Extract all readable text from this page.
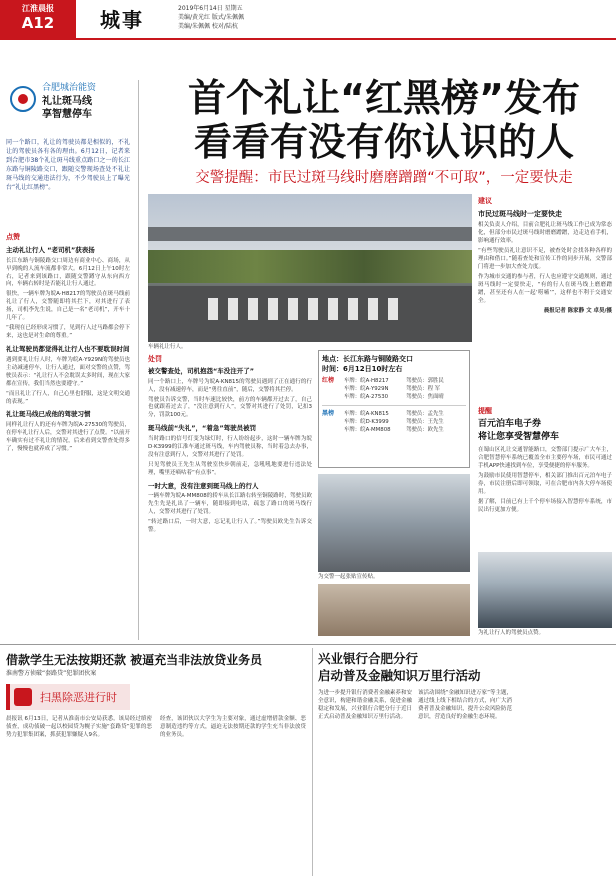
江淮晨报
A12	城事	2019年6月14日 星期五
美编/黄光红 版式/朱佩佩
美编/朱佩佩 校对/陆杭
合肥城治能资
礼让斑马线
享智慧停车
同一个路口，礼让的驾驶员都是相似的，不礼让的驾驶员各有各的理由。6月12日，记者来到合肥市38个礼让斑马线重点路口之一的长江东路与铜陵路交口，跟随交警现场查处不礼让斑马线的交通违法行为，不少驾驶员上了曝光台“礼让红黑榜”。
点赞
主动礼让行人 “老司机”获表扬

长江东路与铜陵路交口周边有商业中心、商场，从早到晚的人流车流都非常大。6月12日上午10时左右，记者来到该路口，跟随交警蹲守从东向西方向，车辆右转时是否能礼让行人通过。

很快，一辆车牌为皖A·H8217的驾驶员在斑马线前礼让了行人，交警随即将其拦下，对其进行了表扬，司机李先生说，自己是一名“老司机”，开车十几年了。

“我现在已经形成习惯了，见到行人过马路都会停下来，这也是对生命的尊重。”

礼让驾驶员都觉得礼让行人也不要耽误时间

遇到要礼让行人时，车牌为皖A·Y929N的驾驶员也主动减速停车，让行人通过，面对交警的点赞，驾驶员表示：“礼让行人不会耽误太多时间，现在大家都在宣传，我们当然也要遵守。”

“而且礼让了行人，自己心里也舒服，这是文明交通的表现。”

礼让斑马线已成他的驾驶习惯

同样礼让行人的还有车牌为皖A·27530的驾驶员，在停车礼让行人后，交警对其进行了点赞。“以前开车确实有过不礼让的情况，后来看到交警查处得多了，慢慢也就养成了习惯。”

首个礼让“红黑榜”发布
看看有没有你认识的人
交警提醒：市民过斑马线时磨磨蹭蹭“不可取”，一定要快走
车辆礼让行人。
处罚
被交警查处，司机抱怨“车没注开了”

同一个路口上，车牌号为皖A·KN815的驾驶员遇到了正在通行的行人，没有减速停车，而是“勇往直前”，随后，交警将其拦停。

驾驶员告诉交警，当时车速比较快，前方的车辆都开过去了，自己也就跟着过去了，“没注意到行人”，交警对其进行了处罚，记扣3分，罚款100元。

斑马线前“失礼”，“着急”驾驶员被罚

当时路口的信号灯变为绿灯时，行人纷纷起步，这时一辆车牌为皖D·K3999的江淮车通过斑马线，车内驾驶员称，当时着急去办事，没有注意到行人，交警对其进行了处罚。

只见驾驶员王先生从驾驶室快步朝前走，急吼吼地要进行违法处理，嘴里还嘀咕着“有点事”。

一时大意，没有注意到斑马线上的行人

一辆车牌为皖A·MM808的轿车从长江路右转至铜陵路时，驾驶员欧先生先是扎出了一辆车，随即接到电话，疏忽了路口的斑马线行人，交警对其进行了处罚。

“转过路口后，一时大意，忘记礼让行人了。”驾驶员欧先生告诉交警。

地点：长江东路与铜陵路交口
时间：6月12日10时左右
红榜	车牌：皖A·H8217	驾驶员：郭胜民
车牌：皖A·Y929N	驾驶员：程 军
车牌：皖A·27530	驾驶员：焦面晴
黑榜	车牌：皖A·KN815	驾驶员：孟先生
车牌：皖D·K3999	驾驶员：王先生
车牌：皖A·MM808	驾驶员：欧先生
为交警一起张贴宣传贴。
建议
市民过斑马线时一定要快走

相关负责人介绍，目前合肥礼让斑马线工作已成为常态化，但部分市民过斑马线时磨磨蹭蹭，边走边看手机，影响通行效率。

“有些驾驶员礼让意识不足，被查处时会找各种各样的理由和借口。”随着查处和宣传工作的同步开展，交警部门将进一步加大查处力度。

作为城市交通的参与者，行人也应遵守交通规则，通过斑马线时一定要快走，“有的行人在斑马线上磨磨蹭蹭，甚至还有人在一起‘唠嗑’”，这样也不利于交通安全。

晨报记者 陈家静 文 卓昊/摄
提醒
百元泊车电子券
将让您享受智慧停车

在蜀山区礼让交通智能路口，交警部门提示广大车主，合肥智慧停车系统已覆盖全市主要停车场，市民可通过手机APP快速找到车位，享受便捷的停车服务。

为鼓励市民使用智慧停车，相关部门推出百元泊车电子券，市民注册后即可领取，可在合肥市内各大停车场使用。

据了解，目前已有上千个停车场接入智慧停车系统，市民出行更加方便。

为礼让行人的驾驶员点赞。
借款学生无法按期还款 被逼充当非法放贷业务员
淮南警方侦破“套路贷”犯罪团伙案
扫黑除恶进行时

晨报讯 6月13日，记者从淮南市公安局获悉，该局经过缜密侦查，成功侦破一起以校园贷为幌子实施“套路贷”犯罪的恶势力犯罪集团案，抓获犯罪嫌疑人9名。

经查，该团伙以大学生为主要对象，通过虚增借款金额、恶意制造违约等方式，逼迫无法按期还款的学生充当非法放贷的业务员。

兴业银行合肥分行
启动普及金融知识万里行活动

为进一步提升银行消费者金融素养和安全意识，构建和谐金融关系，促进金融稳定和发展，兴业银行合肥分行于近日正式启动普及金融知识万里行活动。

该活动围绕“金融知识进万家”等主题，通过线上线下相结合的方式，向广大消费者普及金融知识，提升公众风险防范意识，营造良好的金融生态环境。
